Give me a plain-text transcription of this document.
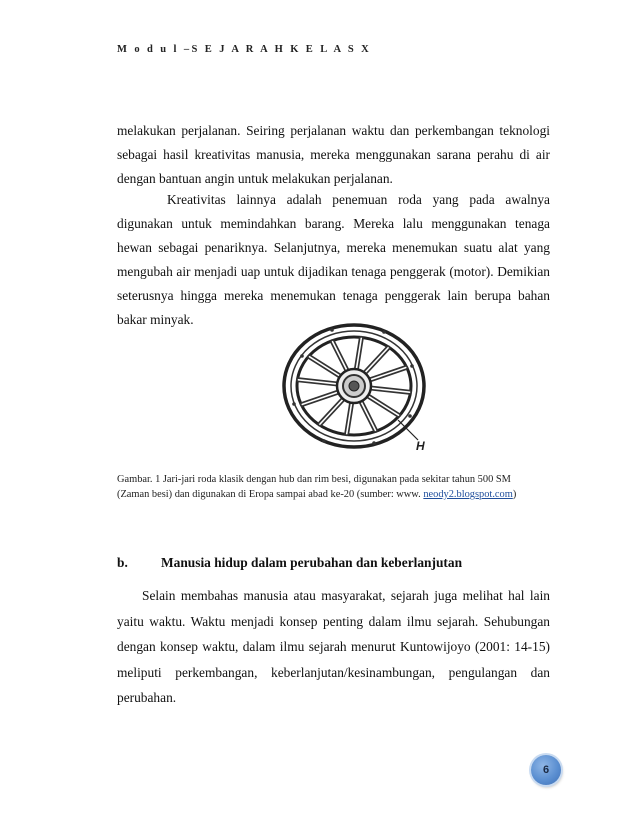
M o d u l –S E J A R A H K E L A S X

melakukan perjalanan. Seiring perjalanan waktu dan perkembangan teknologi sebagai hasil kreativitas manusia, mereka menggunakan sarana perahu di air dengan bantuan angin untuk melakukan perjalanan.

Kreativitas lainnya adalah penemuan roda yang pada awalnya digunakan untuk memindahkan barang. Mereka lalu menggunakan tenaga hewan sebagai penariknya. Selanjutnya, mereka menemukan suatu alat yang mengubah air menjadi uap untuk dijadikan tenaga penggerak (motor). Demikian seterusnya hingga mereka menemukan tenaga penggerak lain berupa bahan bakar minyak.

H
Gambar. 1 Jari-jari roda klasik dengan hub dan rim besi, digunakan pada sekitar tahun 500 SM
(Zaman besi) dan digunakan di Eropa sampai abad ke-20 (sumber: www. neody2.blogspot.com)
b. Manusia hidup dalam perubahan dan keberlanjutan

Selain membahas manusia atau masyarakat, sejarah juga melihat hal lain yaitu waktu. Waktu menjadi konsep penting dalam ilmu sejarah. Sehubungan dengan konsep waktu, dalam ilmu sejarah menurut Kuntowijoyo (2001: 14-15) meliputi perkembangan, keberlanjutan/kesinambungan, pengulangan dan perubahan.

6
